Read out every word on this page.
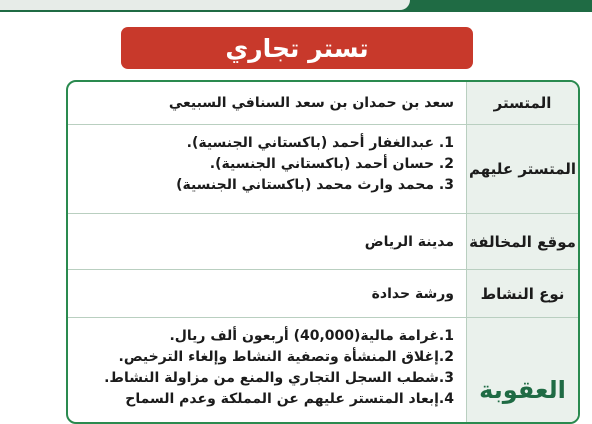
تستر تجاري
المتستر
سعد بن حمدان بن سعد السنافي السبيعي
المتستر عليهم
1. عبدالغفار أحمد (باكستاني الجنسية).
2. حسان أحمد (باكستاني الجنسية).
3. محمد وارث محمد (باكستاني الجنسية)
موقع المخالفة
مدينة الرياض
نوع النشاط
ورشة حدادة
العقوبة
1.غرامة مالية(40,000) أربعون ألف ريال.
2.إغلاق المنشأة وتصفية النشاط وإلغاء الترخيص.
3.شطب السجل التجاري والمنع من مزاولة النشاط.
4.إبعاد المتستر عليهم عن المملكة وعدم السماح
